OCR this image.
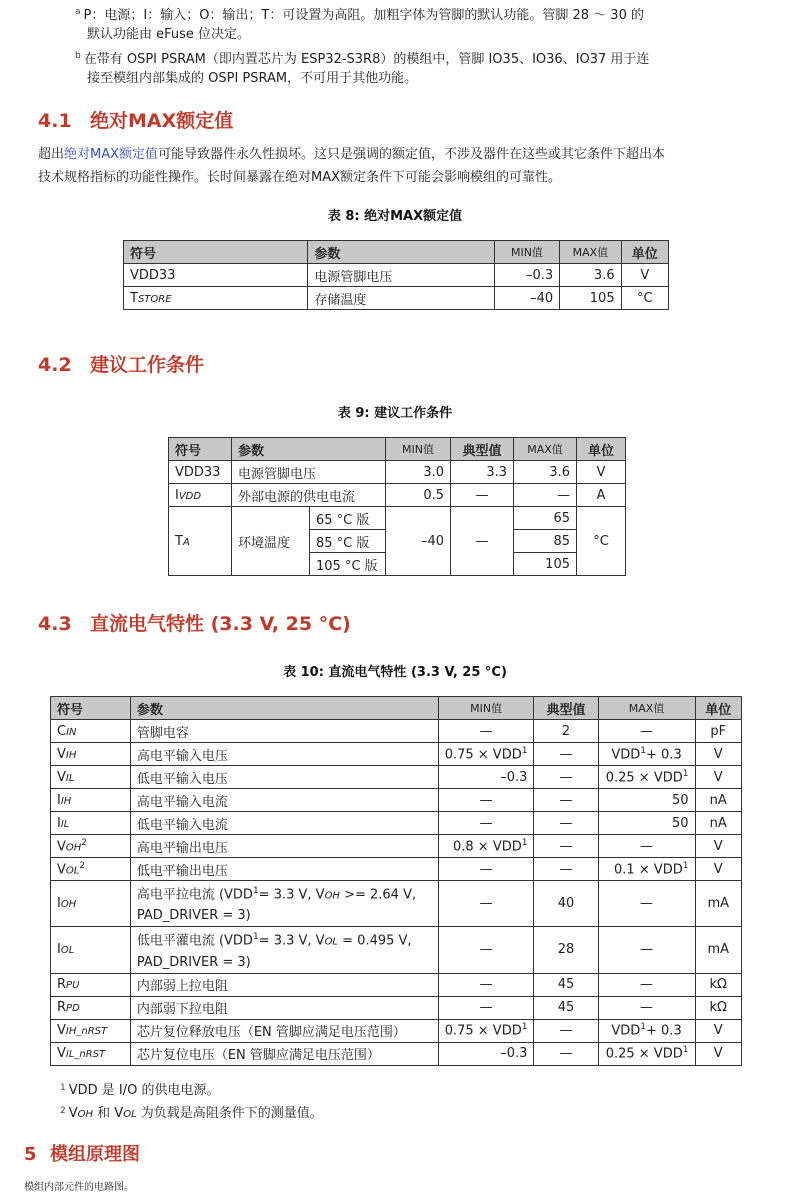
$^a$ P：电源；I：输入；O：输出；T：可设置为高阻。加粗字体为管脚的默认功能。管脚 28 ～ 30 的
默认功能由 eFuse 位决定。
$^b$ 在带有 OSPI PSRAM（即内置芯片为 ESP32-S3R8）的模组中，管脚 IO35、IO36、IO37 用于连
接至模组内部集成的 OSPI PSRAM，不可用于其他功能。
4.1 绝对MAX额定值
超出绝对MAX额定值可能导致器件永久性损坏。这只是强调的额定值，不涉及器件在这些或其它条件下超出本
技术规格指标的功能性操作。长时间暴露在绝对MAX额定条件下可能会影响模组的可靠性。
表 8: 绝对MAX额定值
符号	参数	MIN值	MAX值	单位
VDD33	电源管脚电压	–0.3	3.6	V
TSTORE	存储温度	–40	105	°C
4.2 建议工作条件
表 9: 建议工作条件
符号	参数		MIN值	典型值	MAX值	单位
VDD33	电源管脚电压		3.0	3.3	3.6	V
IVDD	外部电源的供电电流		0.5	—	—	A
TA	环境温度	65 °C 版	–40	—	65	°C
		85 °C 版			85	
		105 °C 版			105	
4.3 直流电气特性 (3.3 V, 25 °C)
表 10: 直流电气特性 (3.3 V, 25 °C)
符号	参数	MIN值	典型值	MAX值	单位
CIN	管脚电容	—	2	—	pF
VIH	高电平输入电压	$0.75 \times VDD^1$	—	$VDD^1+ 0.3$	V
VIL	低电平输入电压	–0.3	—	$0.25 \times VDD^1$	V
IIH	高电平输入电流	—	—	50	nA
IIL	低电平输入电流	—	—	50	nA
VOH$^2$	高电平输出电压	$0.8 \times VDD^1$	—	—	V
VOL$^2$	低电平输出电压	—	—	$0.1 \times VDD^1$	V
IOH	高电平拉电流 ($VDD^1= 3.3$ V, VOH >= 2.64 V,
PAD_DRIVER = 3)	—	40	—	mA
IOL	低电平灌电流 ($VDD^1= 3.3$ V, VOL = 0.495 V,
PAD_DRIVER = 3)	—	28	—	mA
RPU	内部弱上拉电阻	—	45	—	kΩ
RPD	内部弱下拉电阻	—	45	—	kΩ
VIH_nRST	芯片复位释放电压（EN 管脚应满足电压范围）	$0.75 \times VDD^1$	—	$VDD^1+ 0.3$	V
VIL_nRST	芯片复位电压（EN 管脚应满足电压范围）	–0.3	—	$0.25 \times VDD^1$	V
$^1$ VDD 是 I/O 的供电电源。
$^2$ VOH 和 VOL 为负载是高阻条件下的测量值。
5 模组原理图
模组内部元件的电路图。
